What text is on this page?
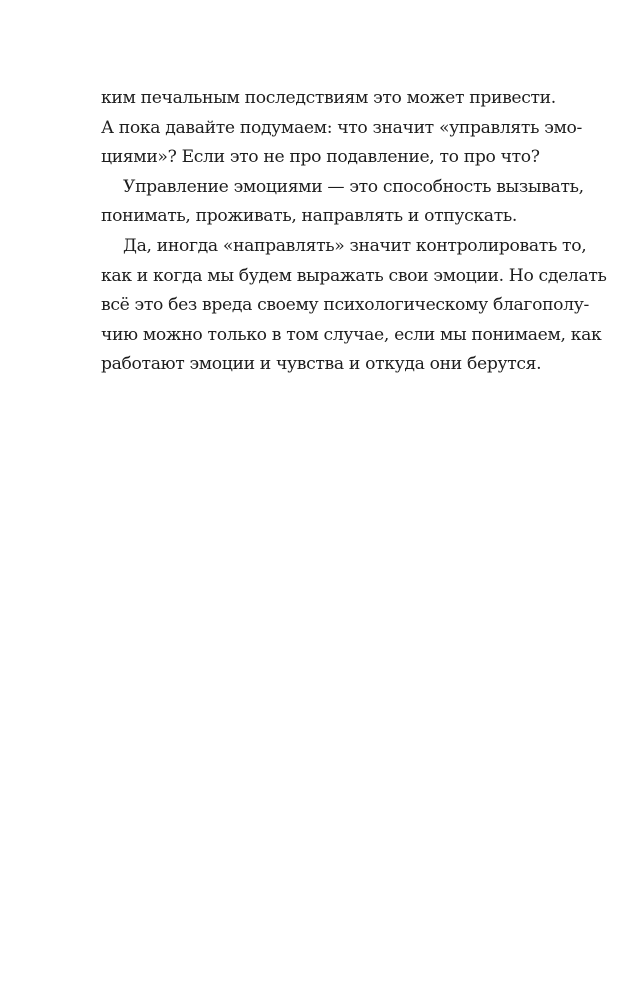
ким печальным последствиям это может привести.
А пока давайте подумаем: что значит «управлять эмо-
циями»? Если это не про подавление, то про что?
Управление эмоциями — это способность вызывать,
понимать, проживать, направлять и отпускать.
Да, иногда «направлять» значит контролировать то,
как и когда мы будем выражать свои эмоции. Но сделать
всё это без вреда своему психологическому благополу-
чию можно только в том случае, если мы понимаем, как
работают эмоции и чувства и откуда они берутся.
